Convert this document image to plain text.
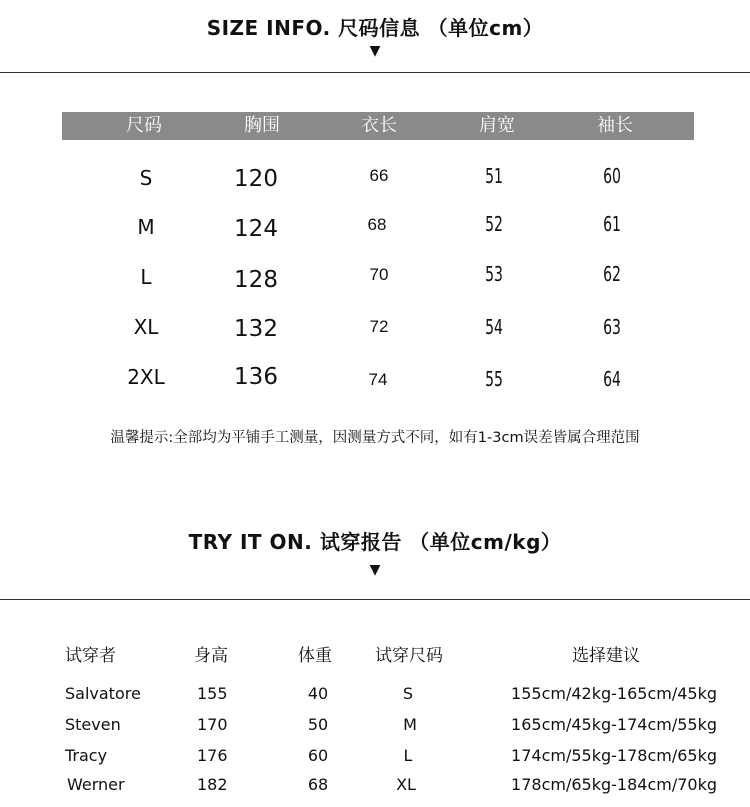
SIZE INFO. 尺码信息 （单位cm）
▼
尺码	胸围	衣长	肩宽	袖长
S	120	66	51	60
M	124	68	52	61
L	128	70	53	62
XL	132	72	54	63
2XL	136	74	55	64
温馨提示:全部均为平铺手工测量，因测量方式不同，如有1-3cm误差皆属合理范围
TRY IT ON. 试穿报告 （单位cm/kg）
▼
试穿者	身高	体重	试穿尺码	选择建议
Salvatore	155	40	S	155cm/42kg-165cm/45kg
Steven	170	50	M	165cm/45kg-174cm/55kg
Tracy	176	60	L	174cm/55kg-178cm/65kg
Werner	182	68	XL	178cm/65kg-184cm/70kg
